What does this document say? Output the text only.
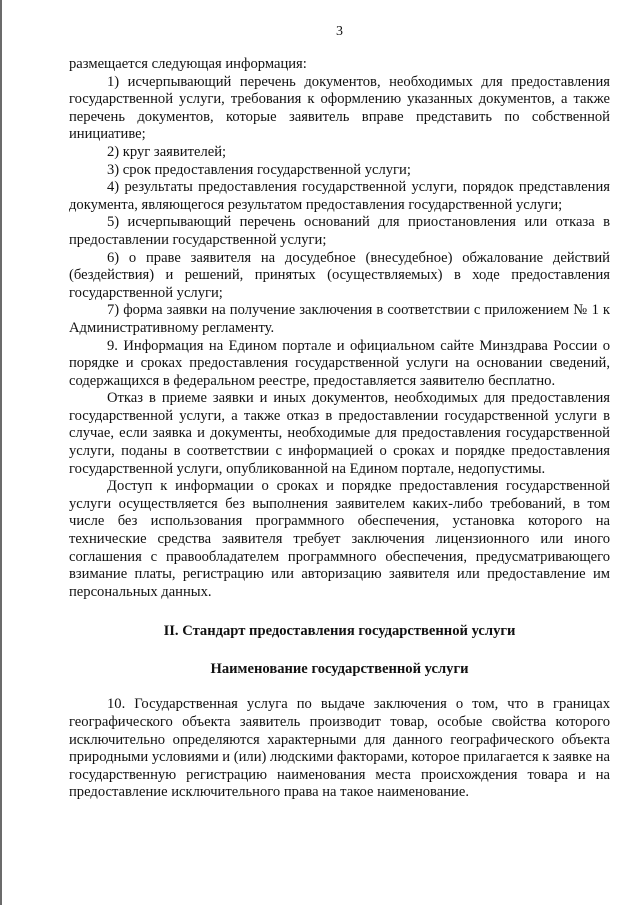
3

размещается следующая информация:

1) исчерпывающий перечень документов, необходимых для предоставления государственной услуги, требования к оформлению указанных документов, а также перечень документов, которые заявитель вправе представить по собственной инициативе;

2) круг заявителей;

3) срок предоставления государственной услуги;

4) результаты предоставления государственной услуги, порядок представления документа, являющегося результатом предоставления государственной услуги;

5) исчерпывающий перечень оснований для приостановления или отказа в предоставлении государственной услуги;

6) о праве заявителя на досудебное (внесудебное) обжалование действий (бездействия) и решений, принятых (осуществляемых) в ходе предоставления государственной услуги;

7) форма заявки на получение заключения в соответствии с приложением № 1 к Административному регламенту.

9. Информация на Едином портале и официальном сайте Минздрава России о порядке и сроках предоставления государственной услуги на основании сведений, содержащихся в федеральном реестре, предоставляется заявителю бесплатно.

Отказ в приеме заявки и иных документов, необходимых для предоставления государственной услуги, а также отказ в предоставлении государственной услуги в случае, если заявка и документы, необходимые для предоставления государственной услуги, поданы в соответствии с информацией о сроках и порядке предоставления государственной услуги, опубликованной на Едином портале, недопустимы.

Доступ к информации о сроках и порядке предоставления государственной услуги осуществляется без выполнения заявителем каких-либо требований, в том числе без использования программного обеспечения, установка которого на технические средства заявителя требует заключения лицензионного или иного соглашения с правообладателем программного обеспечения, предусматривающего взимание платы, регистрацию или авторизацию заявителя или предоставление им персональных данных.

II. Стандарт предоставления государственной услуги
Наименование государственной услуги

10. Государственная услуга по выдаче заключения о том, что в границах географического объекта заявитель производит товар, особые свойства которого исключительно определяются характерными для данного географического объекта природными условиями и (или) людскими факторами, которое прилагается к заявке на государственную регистрацию наименования места происхождения товара и на предоставление исключительного права на такое наименование.
